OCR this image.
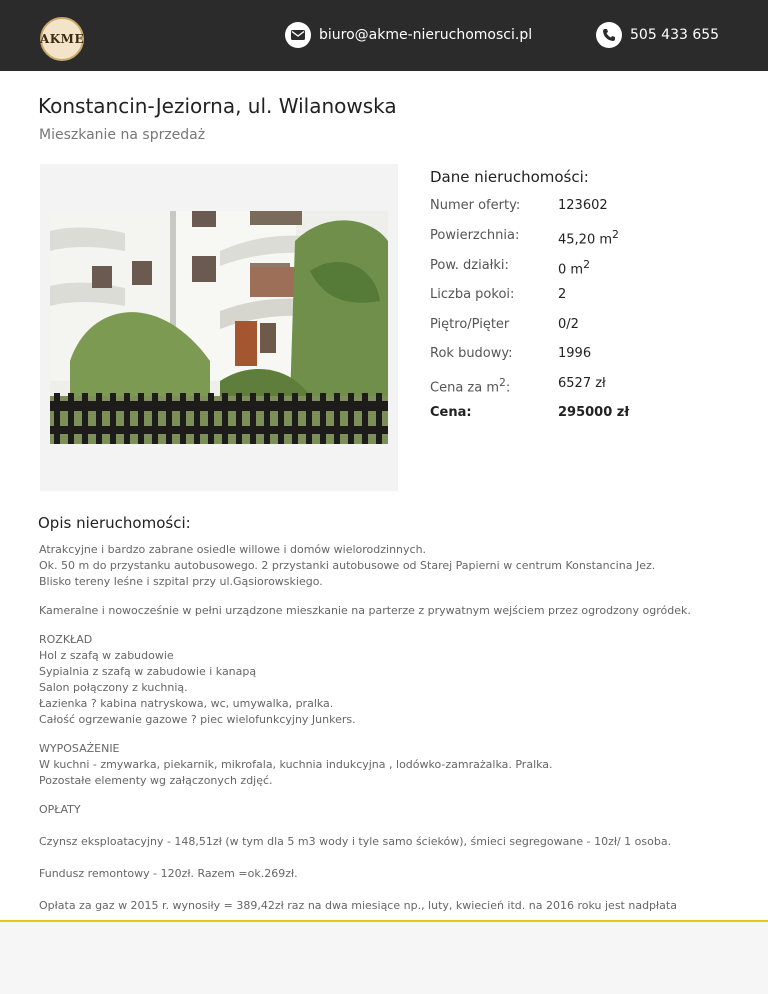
AKME	biuro@akme-nieruchomosci.pl	505 433 655
Konstancin-Jeziorna, ul. Wilanowska
Mieszkanie na sprzedaż
Dane nieruchomości:
Numer oferty:	123602
Powierzchnia:	45,20 $m^2$
Pow. działki:	0 $m^2$
Liczba pokoi:	2
Piętro/Pięter	0/2
Rok budowy:	1996
Cena za $m^2$:	6527 zł
Cena:	295000 zł
Opis nieruchomości:

Atrakcyjne i bardzo zabrane osiedle willowe i domów wielorodzinnych.
Ok. 50 m do przystanku autobusowego. 2 przystanki autobusowe od Starej Papierni w centrum Konstancina Jez.
Blisko tereny leśne i szpital przy ul.Gąsiorowskiego.

Kameralne i nowocześnie w pełni urządzone mieszkanie na parterze z prywatnym wejściem przez ogrodzony ogródek.

ROZKŁAD
Hol z szafą w zabudowie
Sypialnia z szafą w zabudowie i kanapą
Salon połączony z kuchnią.
Łazienka ? kabina natryskowa, wc, umywalka, pralka.
Całość ogrzewanie gazowe ? piec wielofunkcyjny Junkers.

WYPOSAŻENIE
W kuchni - zmywarka, piekarnik, mikrofala, kuchnia indukcyjna , lodówko-zamrażalka. Pralka.
Pozostałe elementy wg załączonych zdjęć.

OPŁATY

Czynsz eksploatacyjny - 148,51zł (w tym dla 5 m3 wody i tyle samo ścieków), śmieci segregowane - 10zł/ 1 osoba.

Fundusz remontowy - 120zł. Razem =ok.269zł.

Opłata za gaz w 2015 r. wynosiły = 389,42zł raz na dwa miesiące np., luty, kwiecień itd. na 2016 roku jest nadpłata
